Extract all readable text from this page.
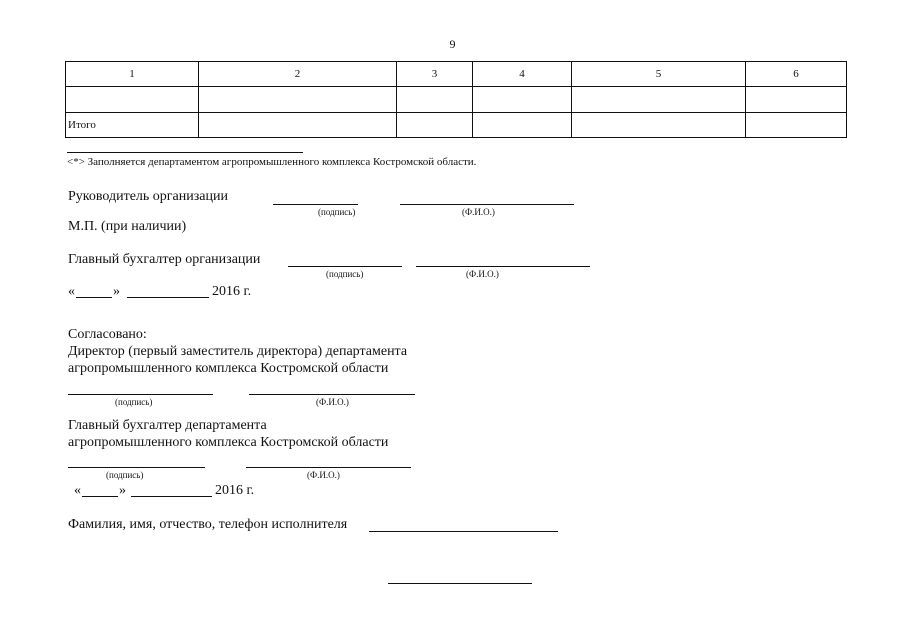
9
1	2	3	4	5	6

Итого					
<*> Заполняется департаментом агропромышленного комплекса Костромской области.
Руководитель организации
(подпись)	(Ф.И.О.)
М.П. (при наличии)
Главный бухгалтер организации
(подпись)	(Ф.И.О.)
«	»	2016 г.
Согласовано:
Директор (первый заместитель директора) департамента
агропромышленного комплекса Костромской области
(подпись)	(Ф.И.О.)
Главный бухгалтер департамента
агропромышленного комплекса Костромской области
(подпись)	(Ф.И.О.)
«	»	2016 г.
Фамилия, имя, отчество, телефон исполнителя
